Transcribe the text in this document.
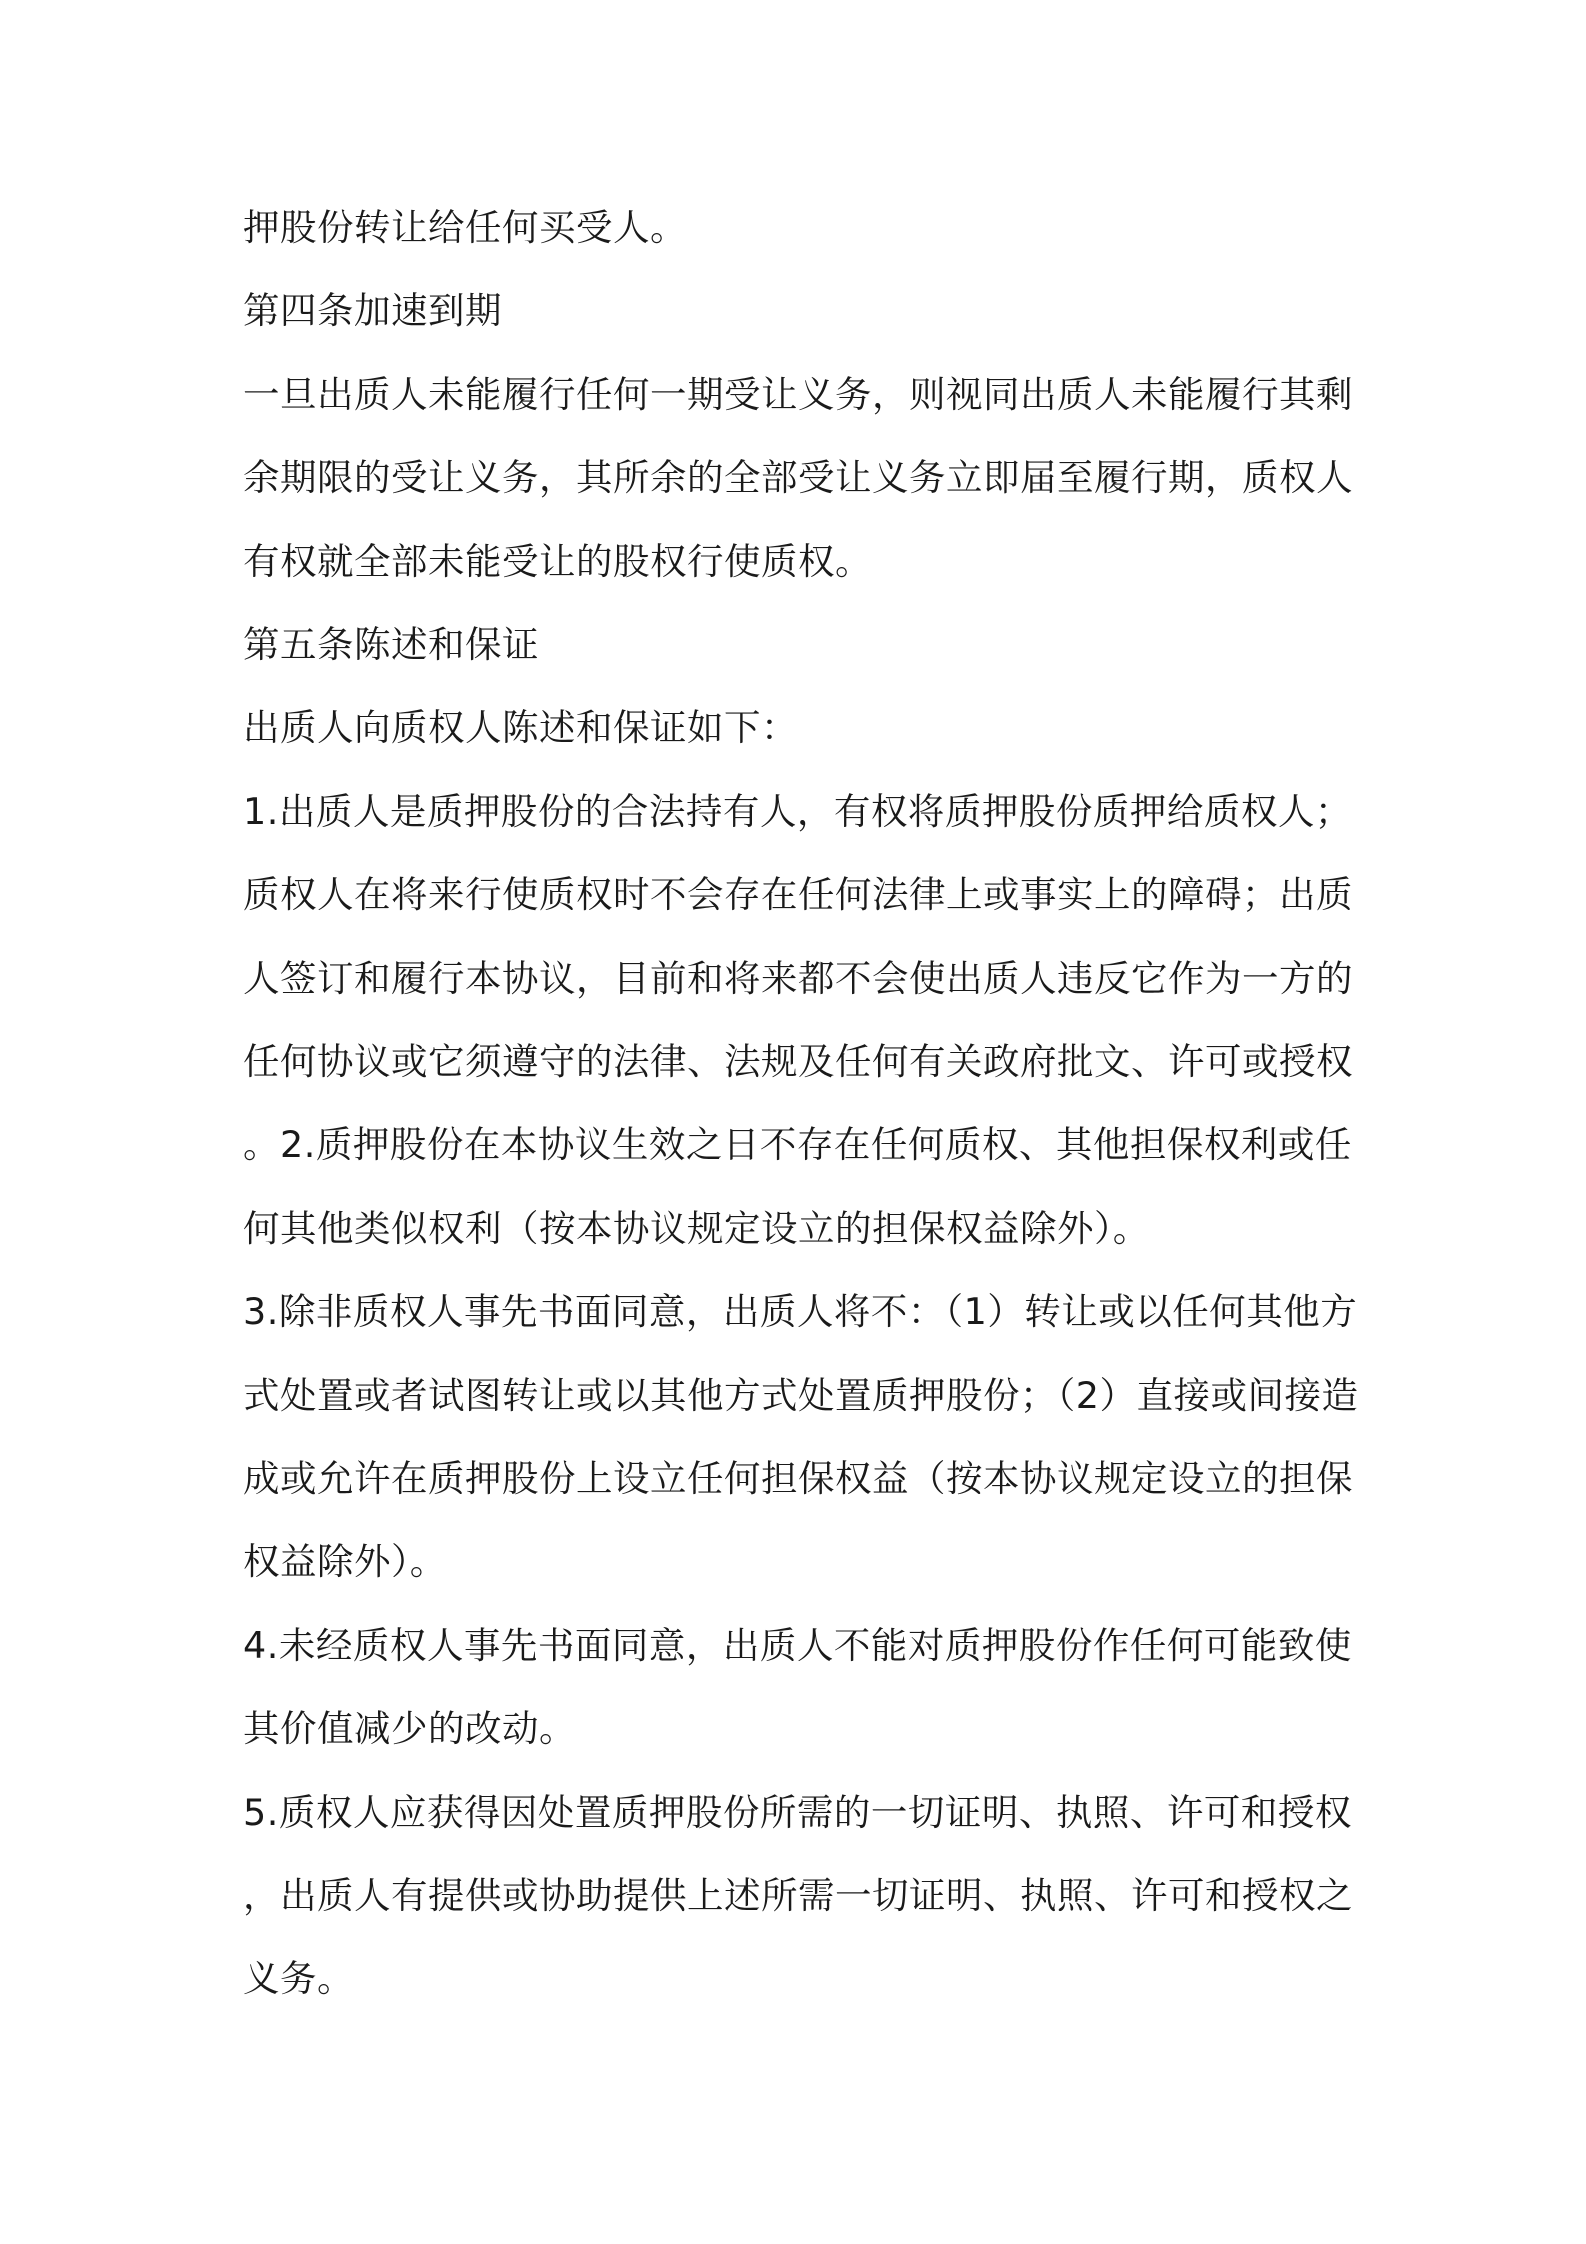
押股份转让给任何买受人。
第四条加速到期
一旦出质人未能履行任何一期受让义务，则视同出质人未能履行其剩
余期限的受让义务，其所余的全部受让义务立即届至履行期，质权人
有权就全部未能受让的股权行使质权。
第五条陈述和保证
出质人向质权人陈述和保证如下：
1.出质人是质押股份的合法持有人，有权将质押股份质押给质权人；
质权人在将来行使质权时不会存在任何法律上或事实上的障碍；出质
人签订和履行本协议，目前和将来都不会使出质人违反它作为一方的
任何协议或它须遵守的法律、法规及任何有关政府批文、许可或授权
。2.质押股份在本协议生效之日不存在任何质权、其他担保权利或任
何其他类似权利（按本协议规定设立的担保权益除外）。
3.除非质权人事先书面同意，出质人将不：（1）转让或以任何其他方
式处置或者试图转让或以其他方式处置质押股份；（2）直接或间接造
成或允许在质押股份上设立任何担保权益（按本协议规定设立的担保
权益除外）。
4.未经质权人事先书面同意，出质人不能对质押股份作任何可能致使
其价值减少的改动。
5.质权人应获得因处置质押股份所需的一切证明、执照、许可和授权
，出质人有提供或协助提供上述所需一切证明、执照、许可和授权之
义务。
